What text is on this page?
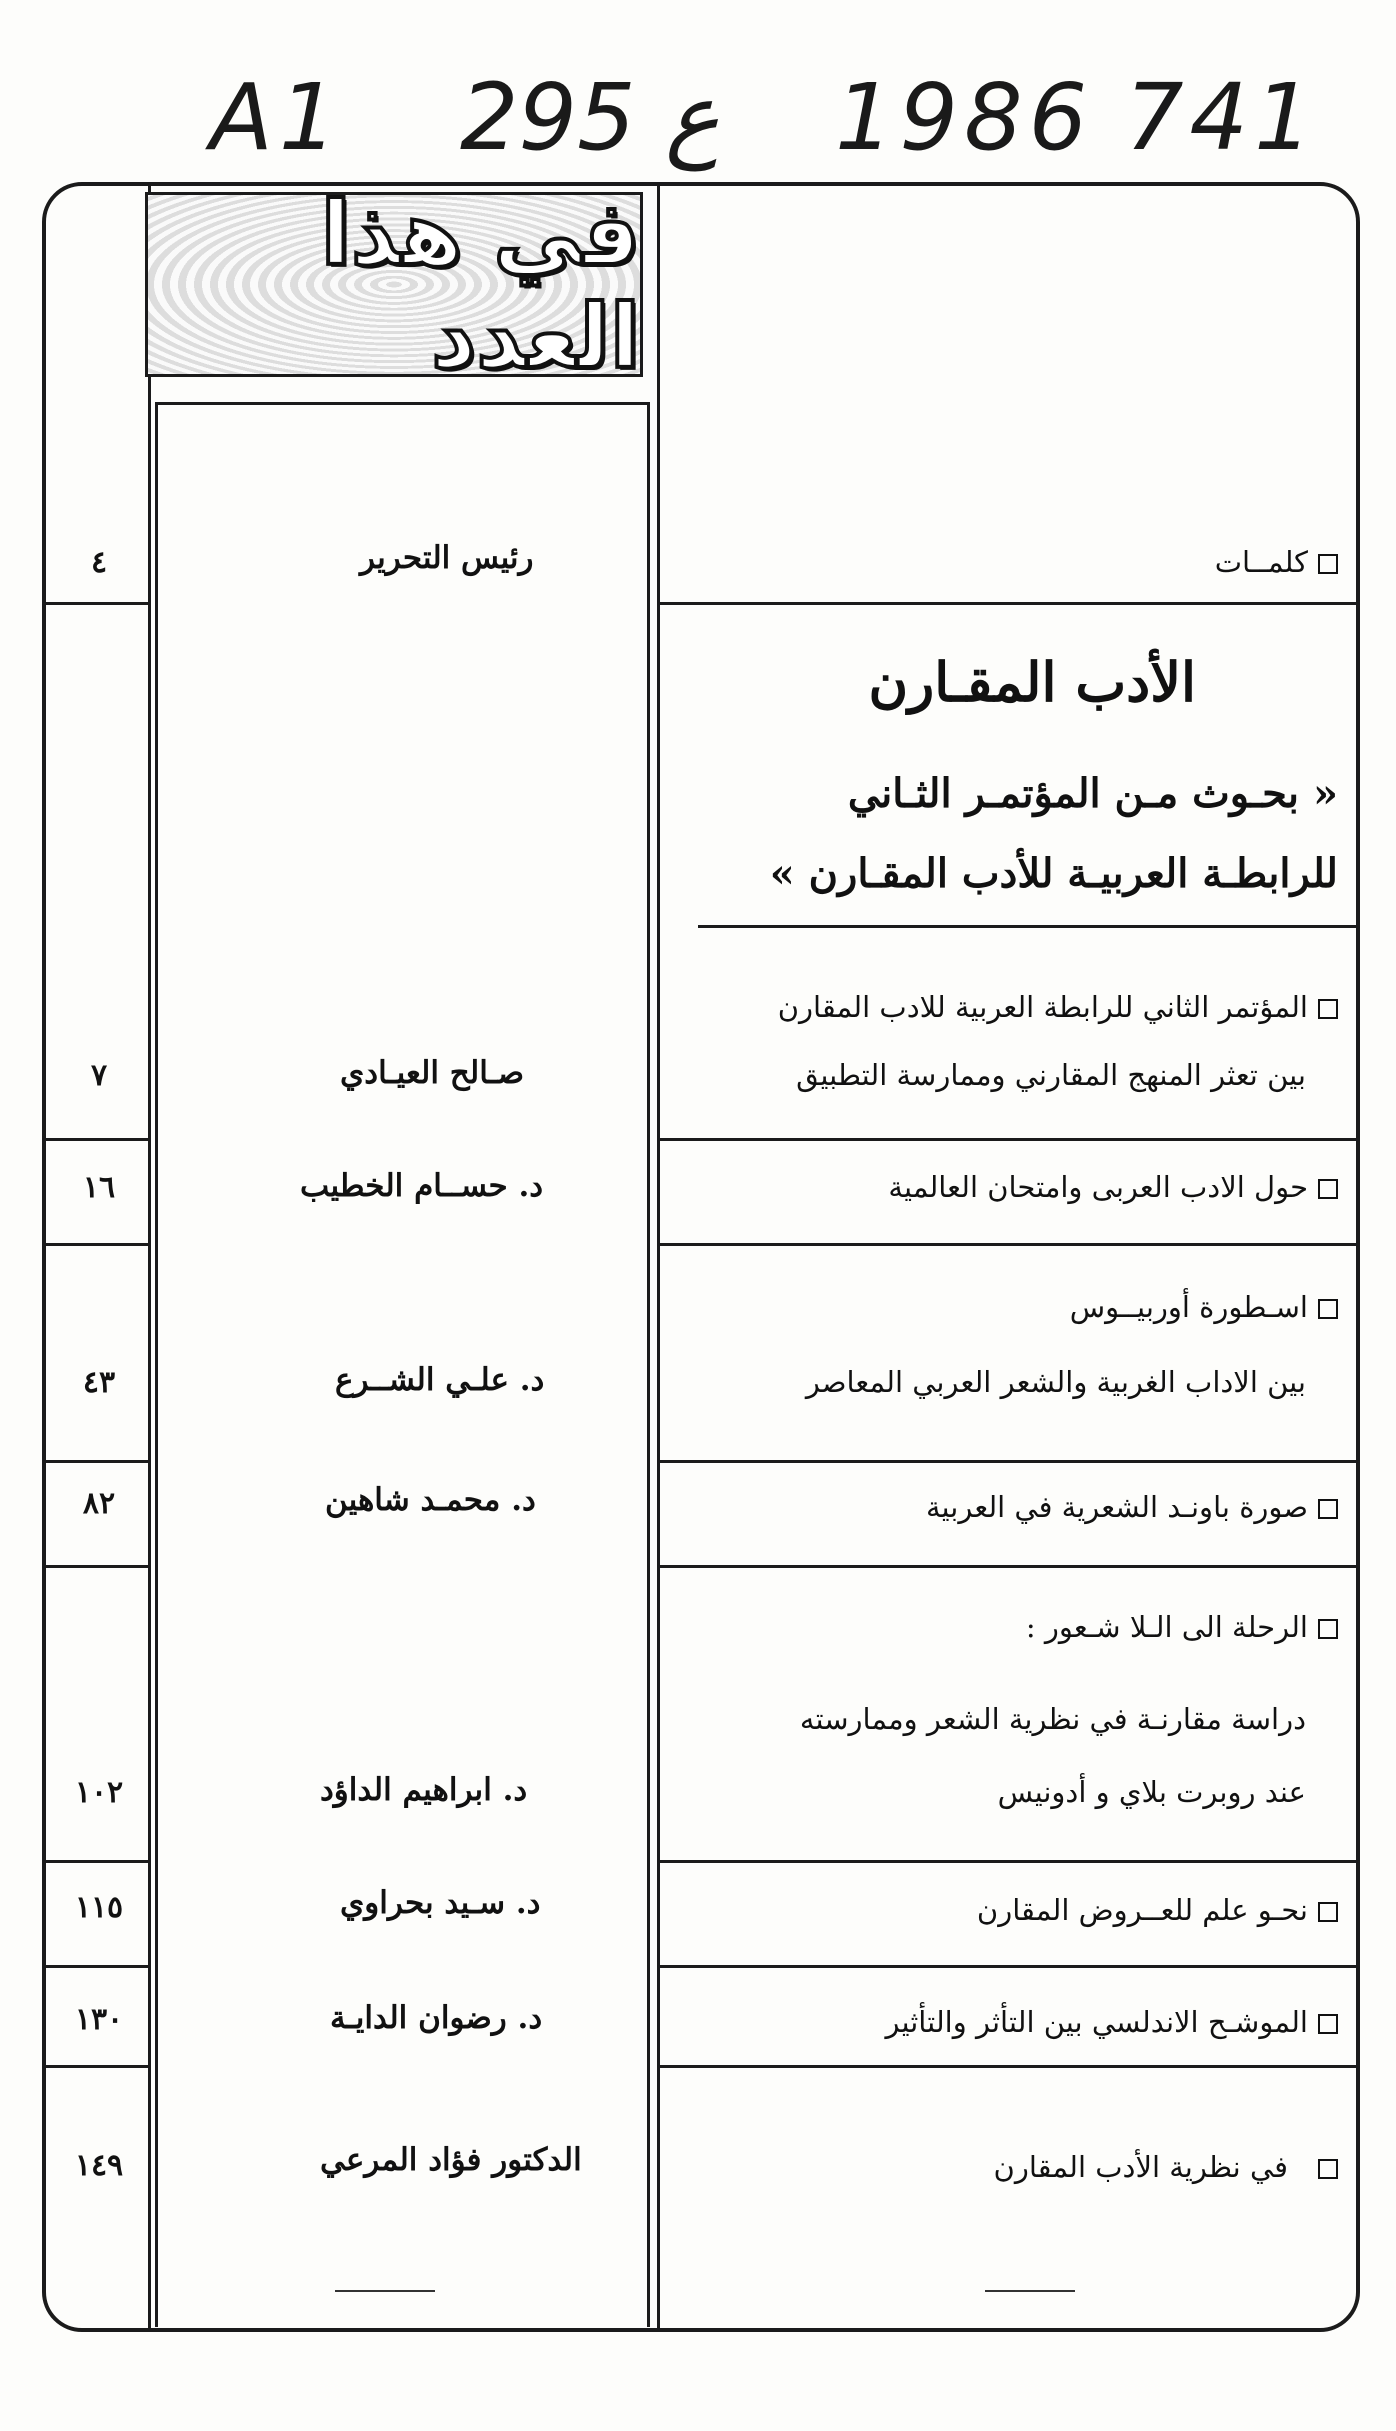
A1 295 ع 1986 741
في هذا العدد
الأدب المقـارن
« بحـوث مـن المؤتمـر الثـاني
للرابطـة العربيـة للأدب المقـارن »
كلمــات
رئيس التحرير
٤
المؤتمر الثاني للرابطة العربية للادب المقارن
بين تعثر المنهج المقارني وممارسة التطبيق
صـالح العيـادي
٧
حول الادب العربى وامتحان العالمية
د. حســام الخطيب
١٦
اسـطورة أوربيــوس
بين الاداب الغربية والشعر العربي المعاصر
د. علـي الشــرع
٤٣
صورة باونـد الشعرية في العربية
د. محمـد شاهين
٨٢
الرحلة الى الـلا شـعور :
دراسة مقارنـة في نظرية الشعر وممارسته
عند روبرت بلاي و أدونيس
د. ابراهيم الداؤد
١٠٢
نحـو علم للعــروض المقارن
د. سـيد بحراوي
١١٥
الموشـح الاندلسي بين التأثر والتأثير
د. رضوان الدايـة
١٣٠
في نظرية الأدب المقارن
الدكتور فؤاد المرعي
١٤٩
